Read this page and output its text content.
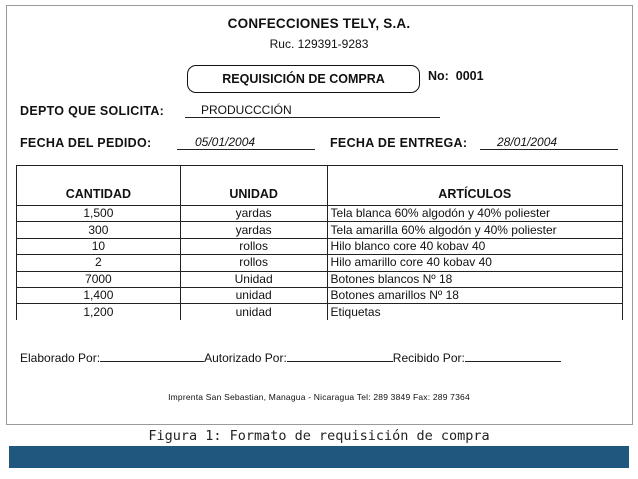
CONFECCIONES TELY, S.A.
Ruc. 129391-9283
REQUISICIÓN DE COMPRA	No: 0001
DEPTO QUE SOLICITA:	PRODUCCCIÓN
FECHA DEL PEDIDO:	05/01/2004	FECHA DE ENTREGA: 28/01/2004
CANTIDAD	UNIDAD	ARTÍCULOS
1,500	yardas	Tela blanca 60% algodón y 40% poliester
300	yardas	Tela amarilla 60% algodón y 40% poliester
10	rollos	Hilo blanco core 40 kobav 40
2	rollos	Hilo amarillo core 40 kobav 40
7000	Unidad	Botones blancos Nº 18
1,400	unidad	Botones amarillos Nº 18
1,200	unidad	Etiquetas
Elaborado Por:	Autorizado Por:	Recibido Por:
Imprenta San Sebastian, Managua - Nicaragua Tel: 289 3849 Fax: 289 7364
Figura 1: Formato de requisición de compra
